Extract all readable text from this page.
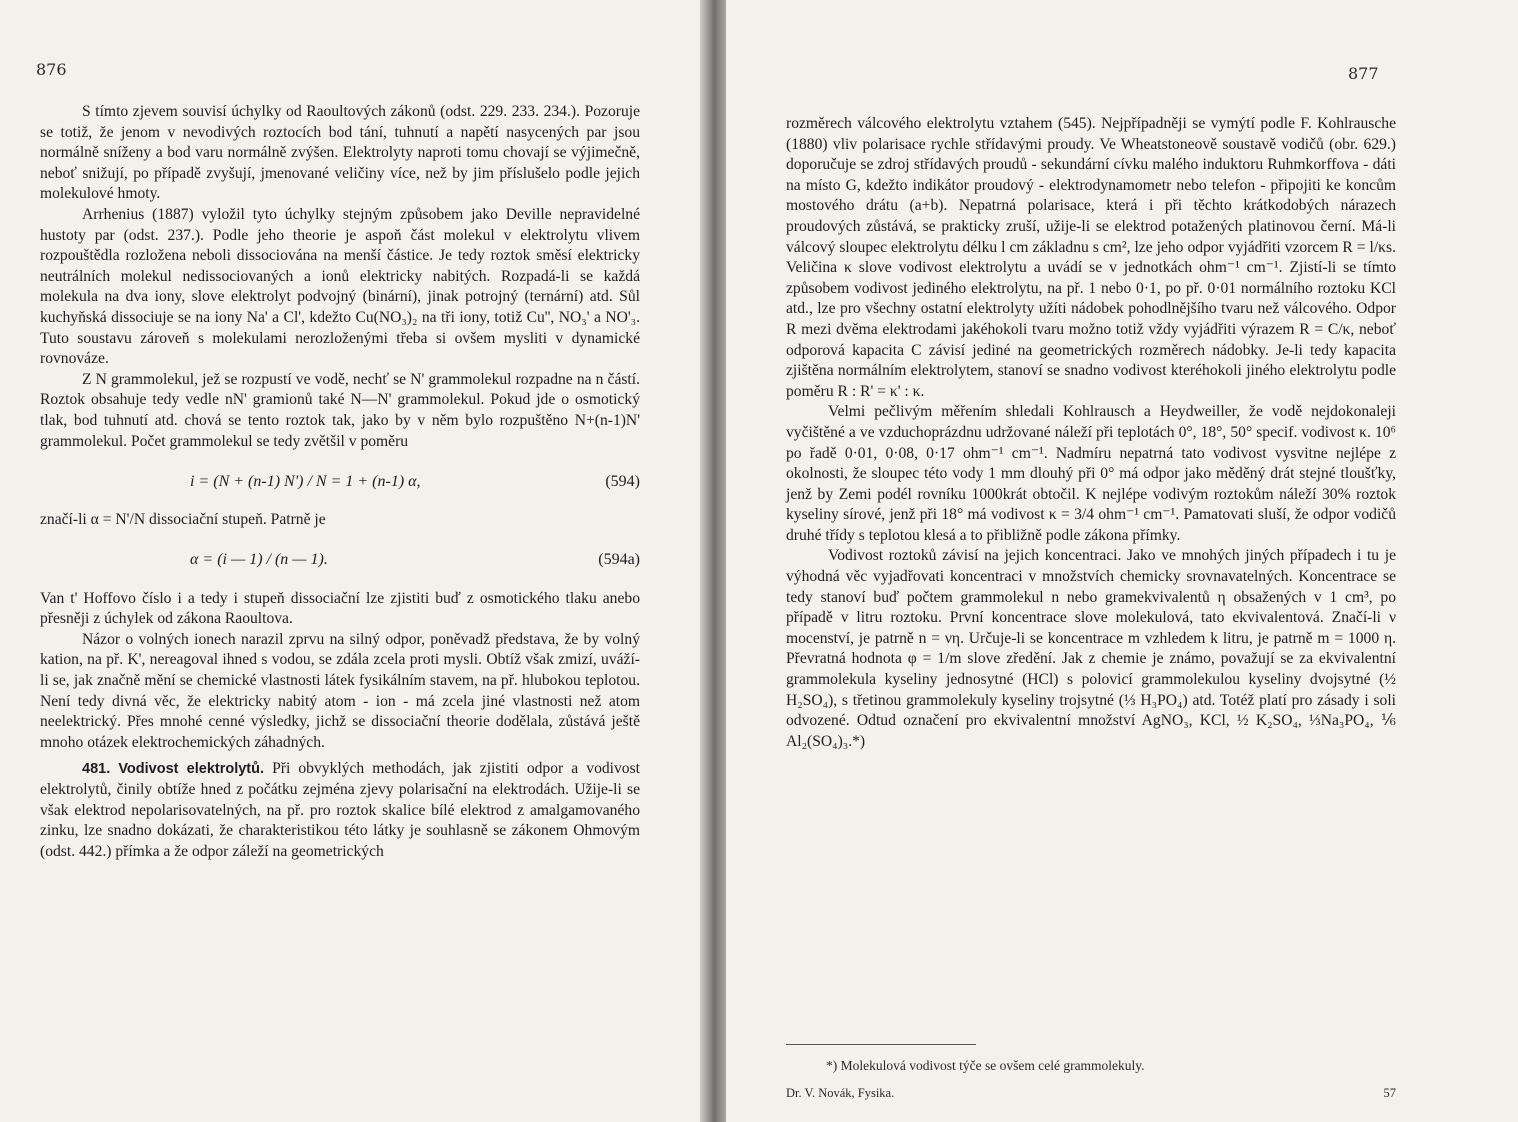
876

S tímto zjevem souvisí úchylky od Raoultových zákonů (odst. 229. 233. 234.). Pozoruje se totiž, že jenom v nevodivých roztocích bod tání, tuhnutí a napětí nasycených par jsou normálně sníženy a bod varu normálně zvýšen. Elektrolyty naproti tomu chovají se výjimečně, neboť snižují, po případě zvyšují, jmenované veličiny více, než by jim příslušelo podle jejich molekulové hmoty.

Arrhenius (1887) vyložil tyto úchylky stejným způsobem jako Deville nepravidelné hustoty par (odst. 237.). Podle jeho theorie je aspoň část molekul v elektrolytu vlivem rozpouštědla rozložena neboli dissociována na menší částice. Je tedy roztok směsí elektricky neutrálních molekul nedissociovaných a ionů elektricky nabitých. Rozpadá-li se každá molekula na dva iony, slove elektrolyt podvojný (binární), jinak potrojný (ternární) atd. Sůl kuchyňská dissociuje se na iony Na' a Cl', kdežto Cu(NO₃)₂ na tři iony, totiž Cu'', NO₃' a NO'₃. Tuto soustavu zároveň s molekulami nerozloženými třeba si ovšem mysliti v dynamické rovnováze.

Z N grammolekul, jež se rozpustí ve vodě, nechť se N' grammolekul rozpadne na n částí. Roztok obsahuje tedy vedle nN' gramionů také N—N' grammolekul. Pokud jde o osmotický tlak, bod tuhnutí atd. chová se tento roztok tak, jako by v něm bylo rozpuštěno N+(n-1)N' grammolekul. Počet grammolekul se tedy zvětšil v poměru

i = (N + (n-1) N') / N = 1 + (n-1) α,	(594)

značí-li α = N'/N dissociační stupeň. Patrně je

α = (i — 1) / (n — 1).	(594a)

Van t' Hoffovo číslo i a tedy i stupeň dissociační lze zjistiti buď z osmotického tlaku anebo přesněji z úchylek od zákona Raoultova.

Názor o volných ionech narazil zprvu na silný odpor, poněvadž představa, že by volný kation, na př. K', nereagoval ihned s vodou, se zdála zcela proti mysli. Obtíž však zmizí, uváží-li se, jak značně mění se chemické vlastnosti látek fysikálním stavem, na př. hlubokou teplotou. Není tedy divná věc, že elektricky nabitý atom - ion - má zcela jiné vlastnosti než atom neelektrický. Přes mnohé cenné výsledky, jichž se dissociační theorie dodělala, zůstává ještě mnoho otázek elektrochemických záhadných.

481. Vodivost elektrolytů. Při obvyklých methodách, jak zjistiti odpor a vodivost elektrolytů, činily obtíže hned z počátku zejména zjevy polarisační na elektrodách. Užije-li se však elektrod nepolarisovatelných, na př. pro roztok skalice bílé elektrod z amalgamovaného zinku, lze snadno dokázati, že charakteristikou této látky je souhlasně se zákonem Ohmovým (odst. 442.) přímka a že odpor záleží na geometrických

877

rozměrech válcového elektrolytu vztahem (545). Nejpřípadněji se vymýtí podle F. Kohlrausche (1880) vliv polarisace rychle střídavými proudy. Ve Wheatstoneově soustavě vodičů (obr. 629.) doporučuje se zdroj střídavých proudů - sekundární cívku malého induktoru Ruhmkorffova - dáti na místo G, kdežto indikátor proudový - elektrodynamometr nebo telefon - připojiti ke koncům mostového drátu (a+b). Nepatrná polarisace, která i při těchto krátkodobých nárazech proudových zůstává, se prakticky zruší, užije-li se elektrod potažených platinovou černí. Má-li válcový sloupec elektrolytu délku l cm základnu s cm², lze jeho odpor vyjádřiti vzorcem R = l/κs. Veličina κ slove vodivost elektrolytu a uvádí se v jednotkách ohm⁻¹ cm⁻¹. Zjistí-li se tímto způsobem vodivost jediného elektrolytu, na př. 1 nebo 0·1, po př. 0·01 normálního roztoku KCl atd., lze pro všechny ostatní elektrolyty užíti nádobek pohodlnějšího tvaru než válcového. Odpor R mezi dvěma elektrodami jakéhokoli tvaru možno totiž vždy vyjádřiti výrazem R = C/κ, neboť odporová kapacita C závisí jediné na geometrických rozměrech nádobky. Je-li tedy kapacita zjištěna normálním elektrolytem, stanoví se snadno vodivost kteréhokoli jiného elektrolytu podle poměru R : R' = κ' : κ.

Velmi pečlivým měřením shledali Kohlrausch a Heydweiller, že vodě nejdokonaleji vyčištěné a ve vzduchoprázdnu udržované náleží při teplotách 0°, 18°, 50° specif. vodivost κ. 10⁶ po řadě 0·01, 0·08, 0·17 ohm⁻¹ cm⁻¹. Nadmíru nepatrná tato vodivost vysvitne nejlépe z okolnosti, že sloupec této vody 1 mm dlouhý při 0° má odpor jako měděný drát stejné tloušťky, jenž by Zemi podél rovníku 1000krát obtočil. K nejlépe vodivým roztokům náleží 30% roztok kyseliny sírové, jenž při 18° má vodivost κ = 3/4 ohm⁻¹ cm⁻¹. Pamatovati sluší, že odpor vodičů druhé třídy s teplotou klesá a to přibližně podle zákona přímky.

Vodivost roztoků závisí na jejich koncentraci. Jako ve mnohých jiných případech i tu je výhodná věc vyjadřovati koncentraci v množstvích chemicky srovnavatelných. Koncentrace se tedy stanoví buď počtem grammolekul n nebo gramekvivalentů η obsažených v 1 cm³, po případě v litru roztoku. První koncentrace slove molekulová, tato ekvivalentová. Značí-li ν mocenství, je patrně n = νη. Určuje-li se koncentrace m vzhledem k litru, je patrně m = 1000 η. Převratná hodnota φ = 1/m slove zředění. Jak z chemie je známo, považují se za ekvivalentní grammolekula kyseliny jednosytné (HCl) s polovicí grammolekulou kyseliny dvojsytné (½ H₂SO₄), s třetinou grammolekuly kyseliny trojsytné (⅓ H₃PO₄) atd. Totéž platí pro zásady i soli odvozené. Odtud označení pro ekvivalentní množství AgNO₃, KCl, ½ K₂SO₄, ⅓Na₃PO₄, ⅙ Al₂(SO₄)₃.*)

*) Molekulová vodivost týče se ovšem celé grammolekuly.
Dr. V. Novák, Fysika.	57
